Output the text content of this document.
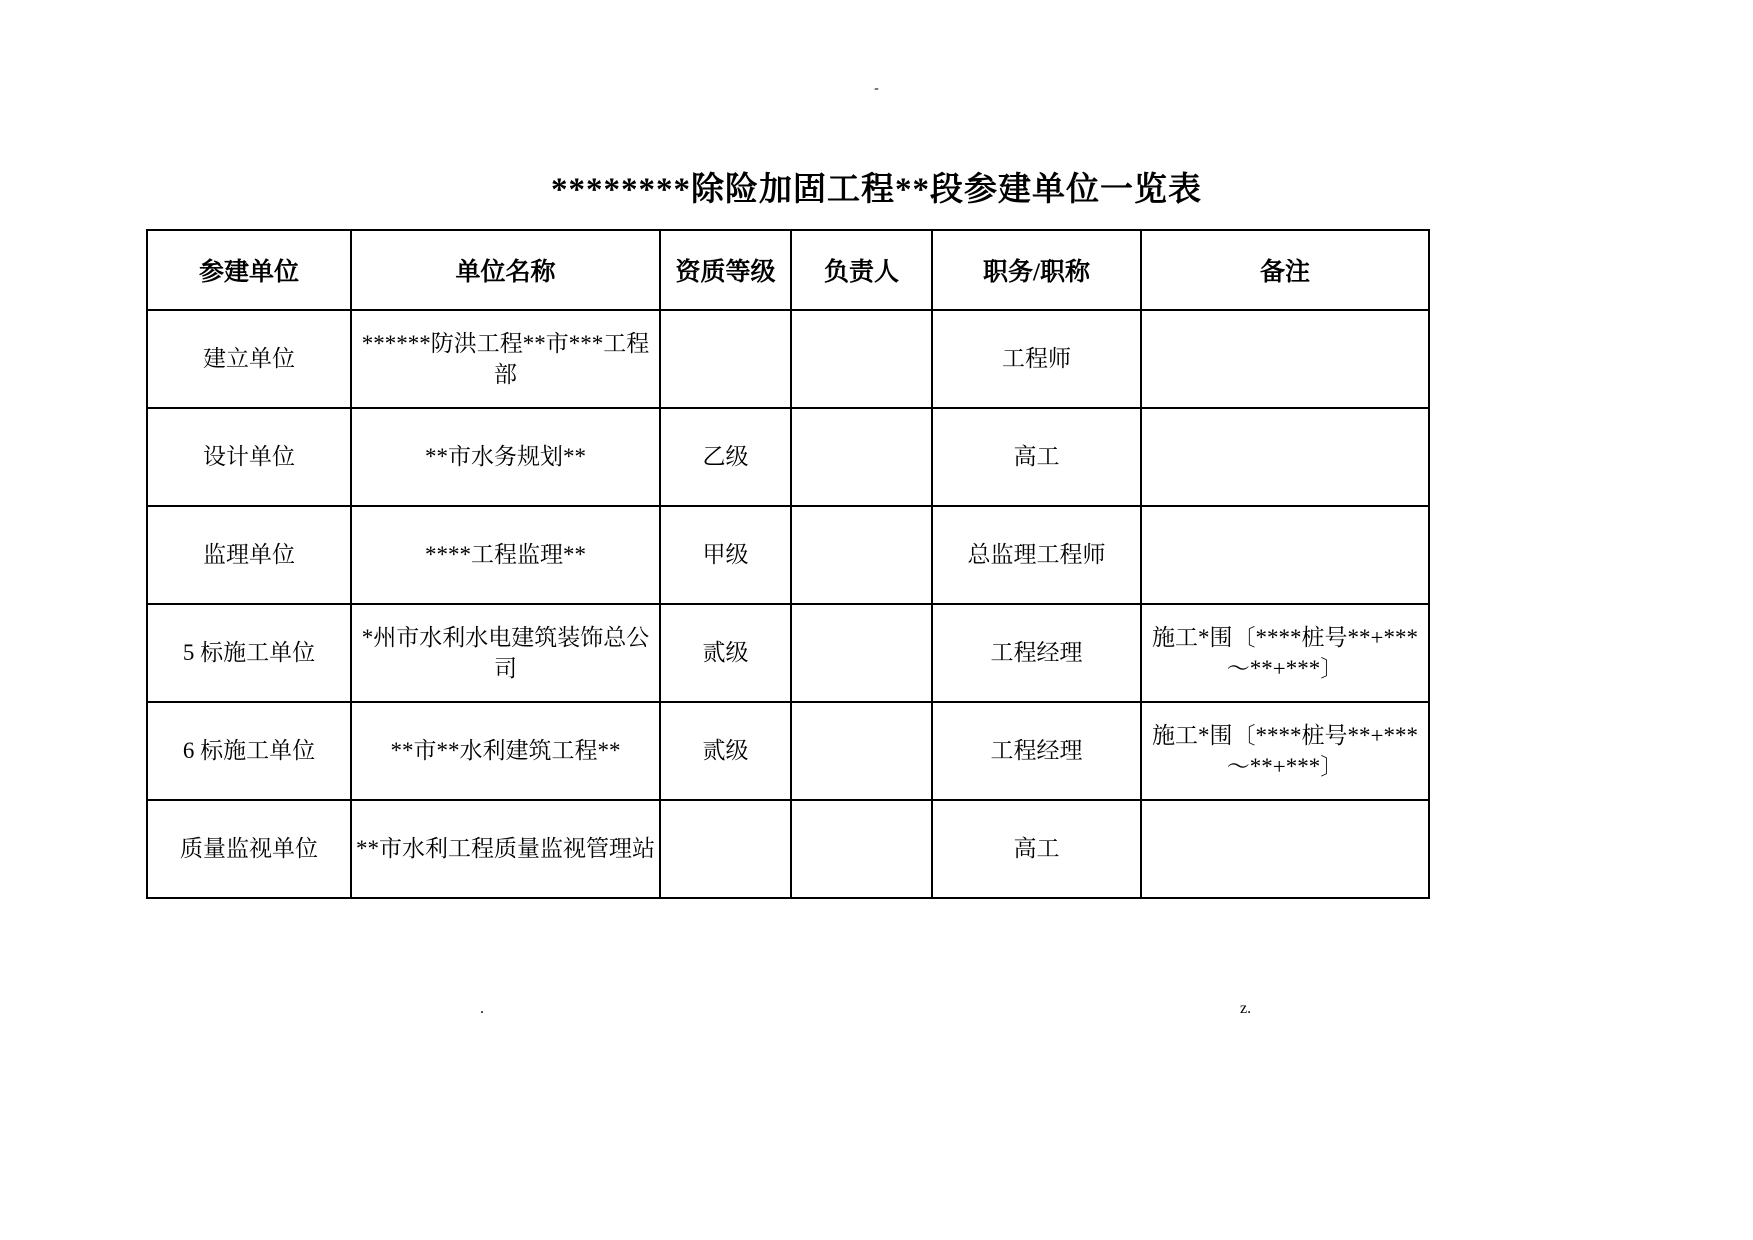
-
********除险加固工程**段参建单位一览表
参建单位	单位名称	资质等级	负责人	职务/职称	备注
建立单位	******防洪工程**市***工程部			工程师	
设计单位	**市水务规划**	乙级		高工	
监理单位	****工程监理**	甲级		总监理工程师	
5 标施工单位	*州市水利水电建筑装饰总公司	贰级		工程经理	施工*围〔****桩号**+***～**+***〕
6 标施工单位	**市**水利建筑工程**	贰级		工程经理	施工*围〔****桩号**+***～**+***〕
质量监视单位	**市水利工程质量监视管理站			高工	
.	z.
